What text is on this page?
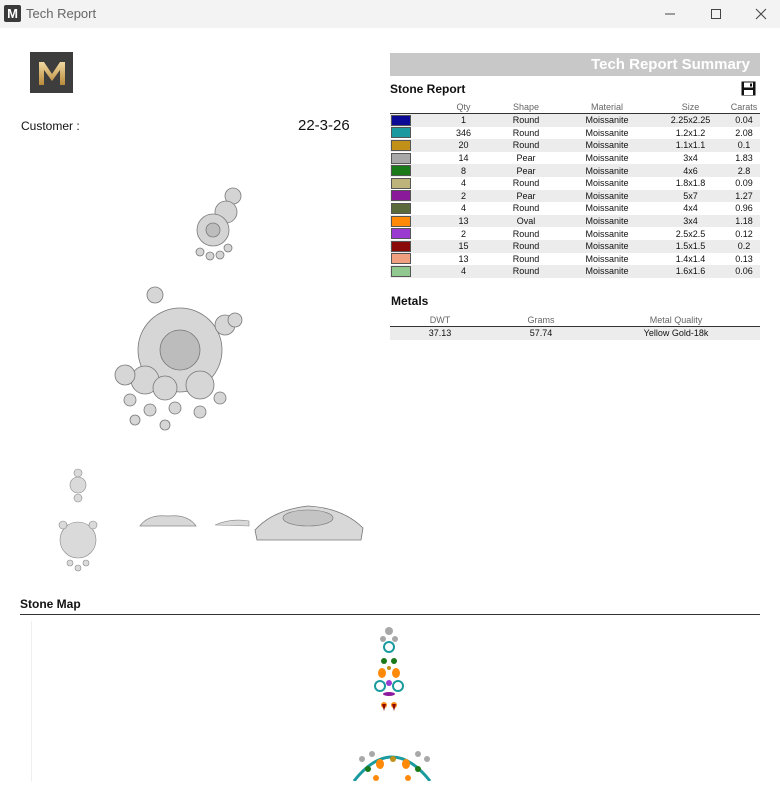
M Tech Report
Customer :	22-3-26
Tech Report Summary
Stone Report
	Qty	Shape	Material	Size	Carats
	1	Round	Moissanite	2.25x2.25	0.04
	346	Round	Moissanite	1.2x1.2	2.08
	20	Round	Moissanite	1.1x1.1	0.1
	14	Pear	Moissanite	3x4	1.83
	8	Pear	Moissanite	4x6	2.8
	4	Round	Moissanite	1.8x1.8	0.09
	2	Pear	Moissanite	5x7	1.27
	4	Round	Moissanite	4x4	0.96
	13	Oval	Moissanite	3x4	1.18
	2	Round	Moissanite	2.5x2.5	0.12
	15	Round	Moissanite	1.5x1.5	0.2
	13	Round	Moissanite	1.4x1.4	0.13
	4	Round	Moissanite	1.6x1.6	0.06
Metals
DWT	Grams	Metal Quality
37.13	57.74	Yellow Gold-18k
Stone Map
